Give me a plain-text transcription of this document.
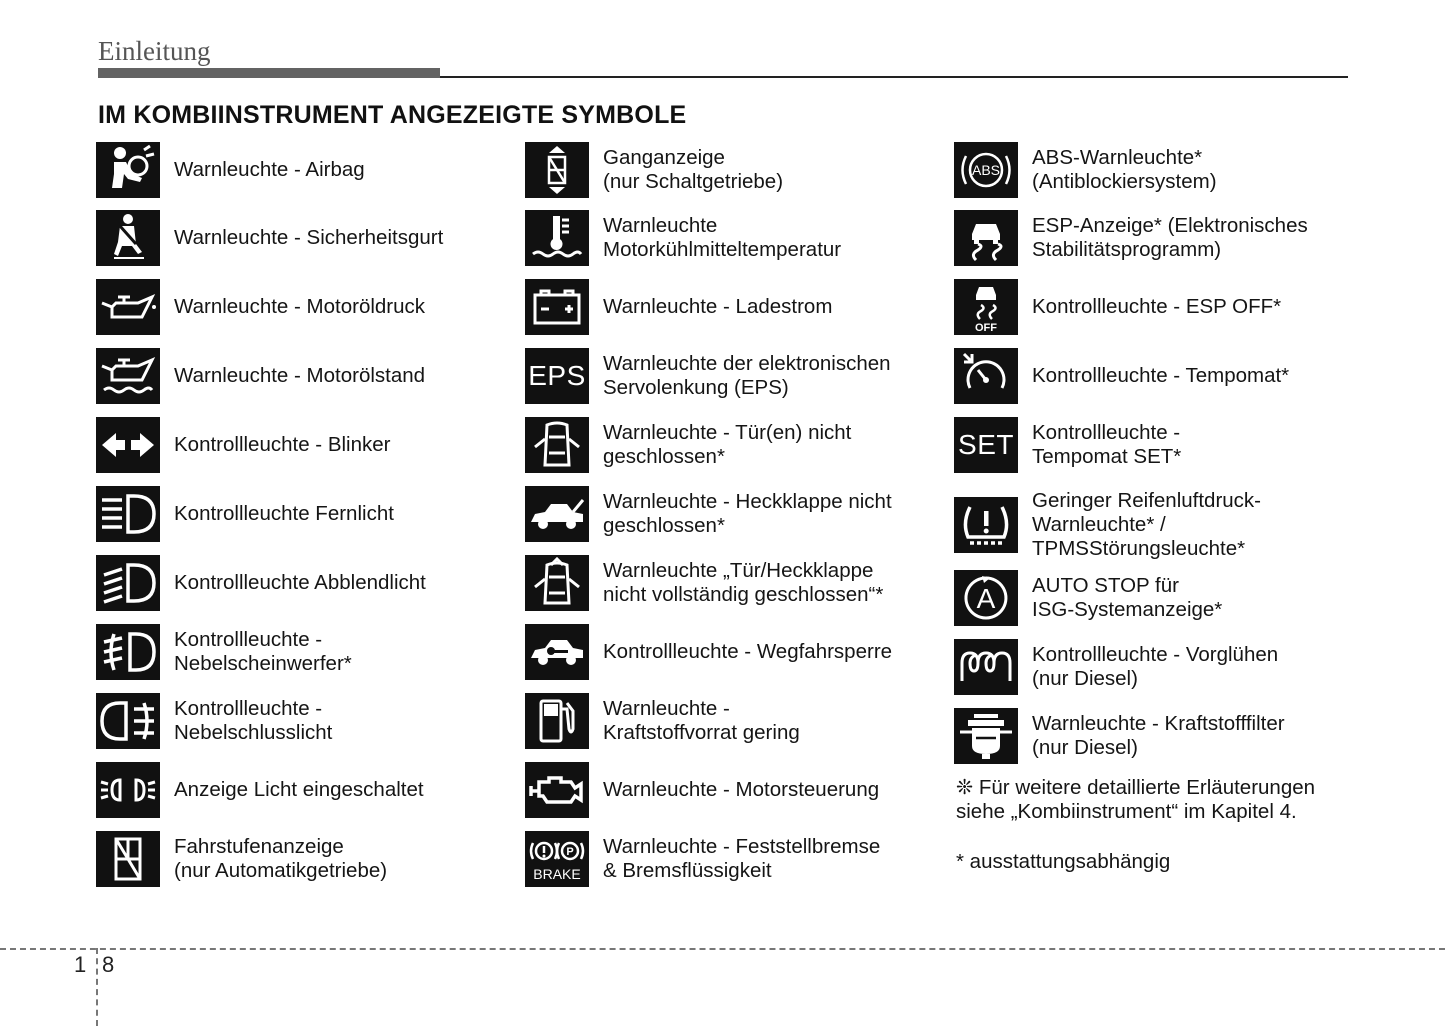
Einleitung
IM KOMBIINSTRUMENT ANGEZEIGTE SYMBOLE
Warnleuchte - Airbag
Warnleuchte - Sicherheitsgurt
Warnleuchte - Motoröldruck
Warnleuchte - Motorölstand
Kontrollleuchte - Blinker
Kontrollleuchte Fernlicht
Kontrollleuchte Abblendlicht
Kontrollleuchte -
Nebelscheinwerfer*
Kontrollleuchte -
Nebelschlusslicht
Anzeige Licht eingeschaltet
Fahrstufenanzeige
(nur Automatikgetriebe)
Ganganzeige
(nur Schaltgetriebe)
Warnleuchte
Motorkühlmitteltemperatur
Warnleuchte - Ladestrom
EPS Warnleuchte der elektronischen
Servolenkung (EPS)
Warnleuchte - Tür(en) nicht
geschlossen*
Warnleuchte - Heckklappe nicht
geschlossen*
Warnleuchte „Tür/Heckklappe
nicht vollständig geschlossen“*
Kontrollleuchte - Wegfahrsperre
Warnleuchte -
Kraftstoffvorrat gering
Warnleuchte - Motorsteuerung
P
BRAKE
Warnleuchte - Feststellbremse
& Bremsflüssigkeit
ABS
ABS-Warnleuchte*
(Antiblockiersystem)
ESP-Anzeige* (Elektronisches
Stabilitätsprogramm)
OFF
Kontrollleuchte - ESP OFF*
Kontrollleuchte - Tempomat*
SET Kontrollleuchte -
Tempomat SET*
Geringer Reifenluftdruck-
Warnleuchte* /
TPMSStörungsleuchte*
A AUTO STOP für
ISG-Systemanzeige*
Kontrollleuchte - Vorglühen
(nur Diesel)
Warnleuchte - Kraftstofffilter
(nur Diesel)
❊ Für weitere detaillierte Erläuterungen
siehe „Kombiinstrument“ im Kapitel 4.
* ausstattungsabhängig
1 8
